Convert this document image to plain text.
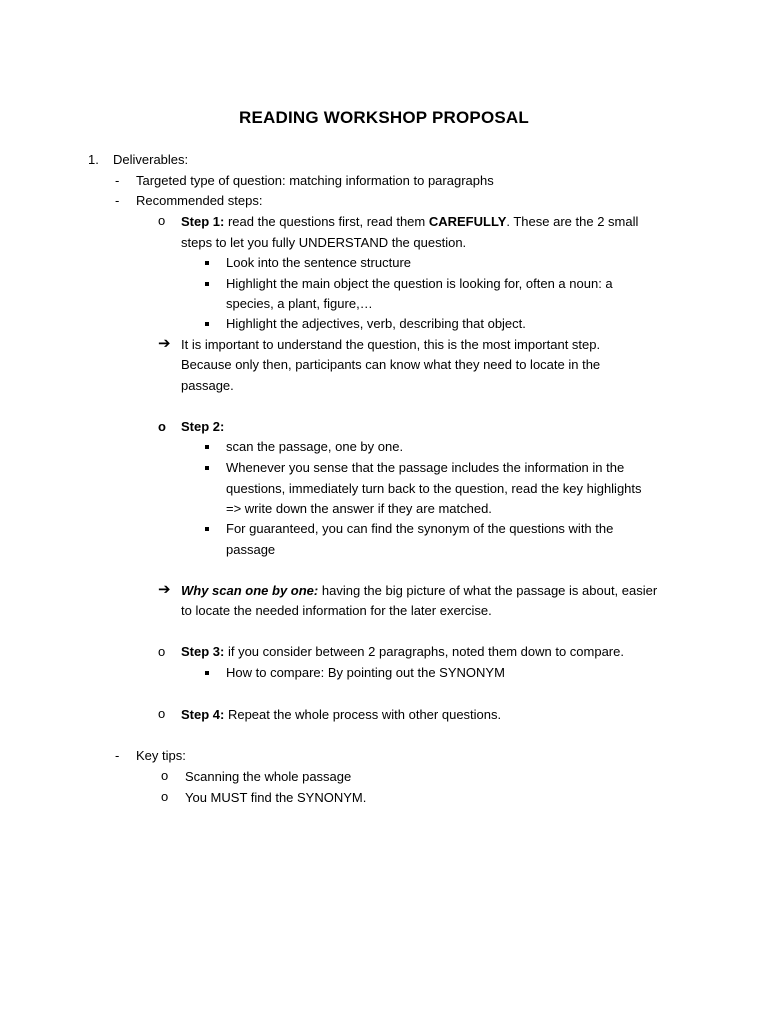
READING WORKSHOP PROPOSAL
1. Deliverables:
- Targeted type of question: matching information to paragraphs
- Recommended steps:
o Step 1: read the questions first, read them CAREFULLY. These are the 2 small
steps to let you fully UNDERSTAND the question.
Look into the sentence structure
Highlight the main object the question is looking for, often a noun: a
species, a plant, figure,…
Highlight the adjectives, verb, describing that object.
➔ It is important to understand the question, this is the most important step.
Because only then, participants can know what they need to locate in the
passage.
o Step 2:
scan the passage, one by one.
Whenever you sense that the passage includes the information in the
questions, immediately turn back to the question, read the key highlights
=> write down the answer if they are matched.
For guaranteed, you can find the synonym of the questions with the
passage
➔ Why scan one by one: having the big picture of what the passage is about, easier
to locate the needed information for the later exercise.
o Step 3: if you consider between 2 paragraphs, noted them down to compare.
How to compare: By pointing out the SYNONYM
o Step 4: Repeat the whole process with other questions.
- Key tips:
o Scanning the whole passage
o You MUST find the SYNONYM.
